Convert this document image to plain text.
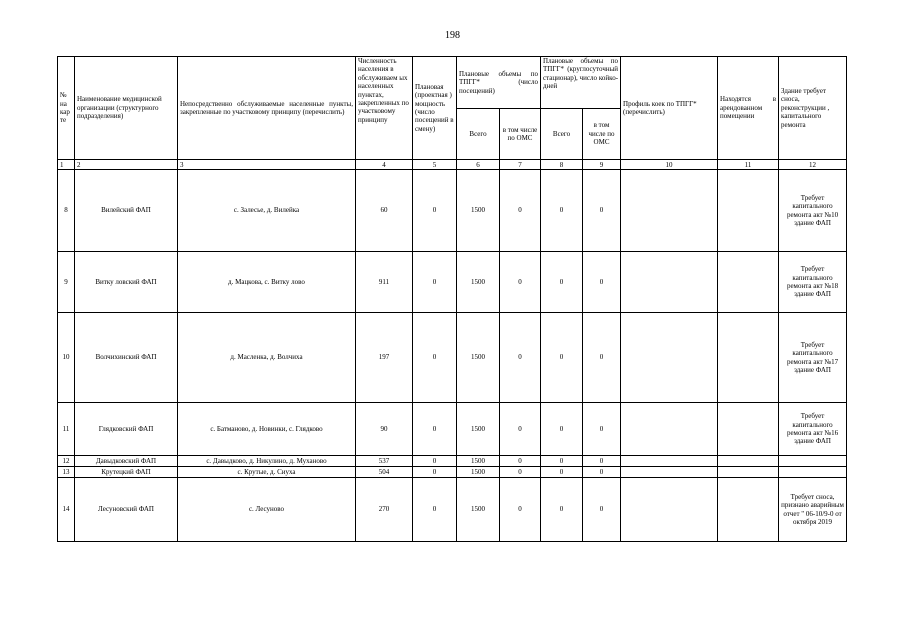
198
№ на кар те	Наименование медицинской организации (структурного подразделения)	Непосредственно обслуживаемые населенные пункты, закрепленные по участковому принципу (перечислить)	Численность населения в обслуживаем ых населенных пунктах, закрепленных по участковому принципу	Плановая (проектная ) мощность (число посещений в смену)	Плановые объемы по ТПГГ* (число посещений)		Плановые объемы по ТПГГ* (круглосуточный стационар), число койко-дней		Профиль коек по ТПГГ* (перечислить)	Находятся в арендованном помещении	Здание требует сноса, реконструкции , капитального ремонта
					Всего	в том числе по ОМС	Всего	в том числе по ОМС			
1	2	3	4	5	6	7	8	9	10	11	12
8	Вилейский ФАП	с. Залесье, д. Вилейка	60	0	1500	0	0	0			Требует капитального ремонта акт №10 здание ФАП
9	Витку ловский ФАП	д. Мацкова, с. Витку лово	911	0	1500	0	0	0			Требует капитального ремонта акт №18 здание ФАП
10	Волчихинский ФАП	д. Масленка, д. Волчиха	197	0	1500	0	0	0			Требует капитального ремонта акт №17 здание ФАП
11	Глядковский ФАП	с. Батманово, д. Новинки, с. Глядково	90	0	1500	0	0	0			Требует капитального ремонта акт №16 здание ФАП
12	Давыдковский ФАП	с. Давыдково, д. Никулино, д. Муханово	537	0	1500	0	0	0			
13	Крутецкий ФАП	с. Крутые, д. Сиуха	504	0	1500	0	0	0			
14	Лесуновский ФАП	с. Лесуново	270	0	1500	0	0	0			Требует сноса, признано аварийным отчет " 06-10/9-0 от октября 2019
